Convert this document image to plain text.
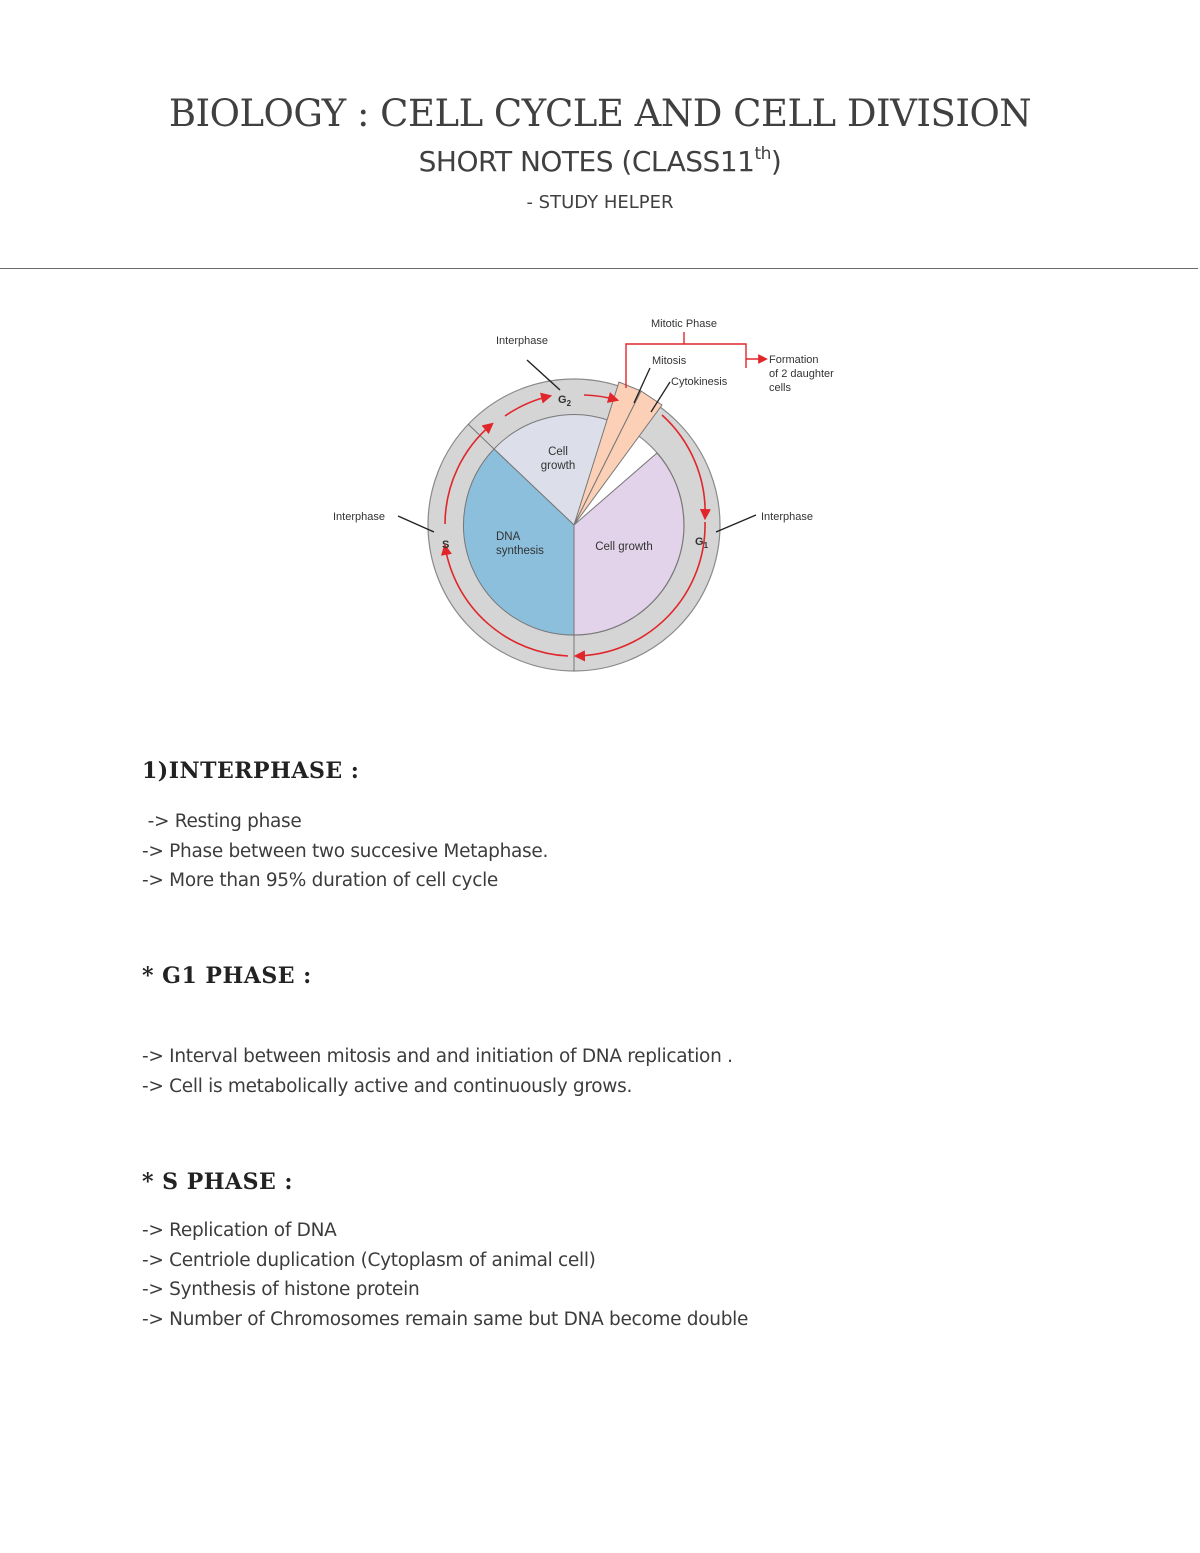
BIOLOGY : CELL CYCLE AND CELL DIVISION
SHORT NOTES (CLASS11th)
- STUDY HELPER
$G_2$
S	$G_1$
Cell growth
DNA synthesis	Cell growth
Mitotic Phase
Formation of 2 daughter cells
Mitosis
Cytokinesis
Interphase
Interphase	Interphase
1)INTERPHASE :
-> Resting phase
-> Phase between two succesive Metaphase.
-> More than 95% duration of cell cycle
* G1 PHASE :
-> Interval between mitosis and and initiation of DNA replication .
-> Cell is metabolically active and continuously grows.
* S PHASE :
-> Replication of DNA
-> Centriole duplication (Cytoplasm of animal cell)
-> Synthesis of histone protein
-> Number of Chromosomes remain same but DNA become double
